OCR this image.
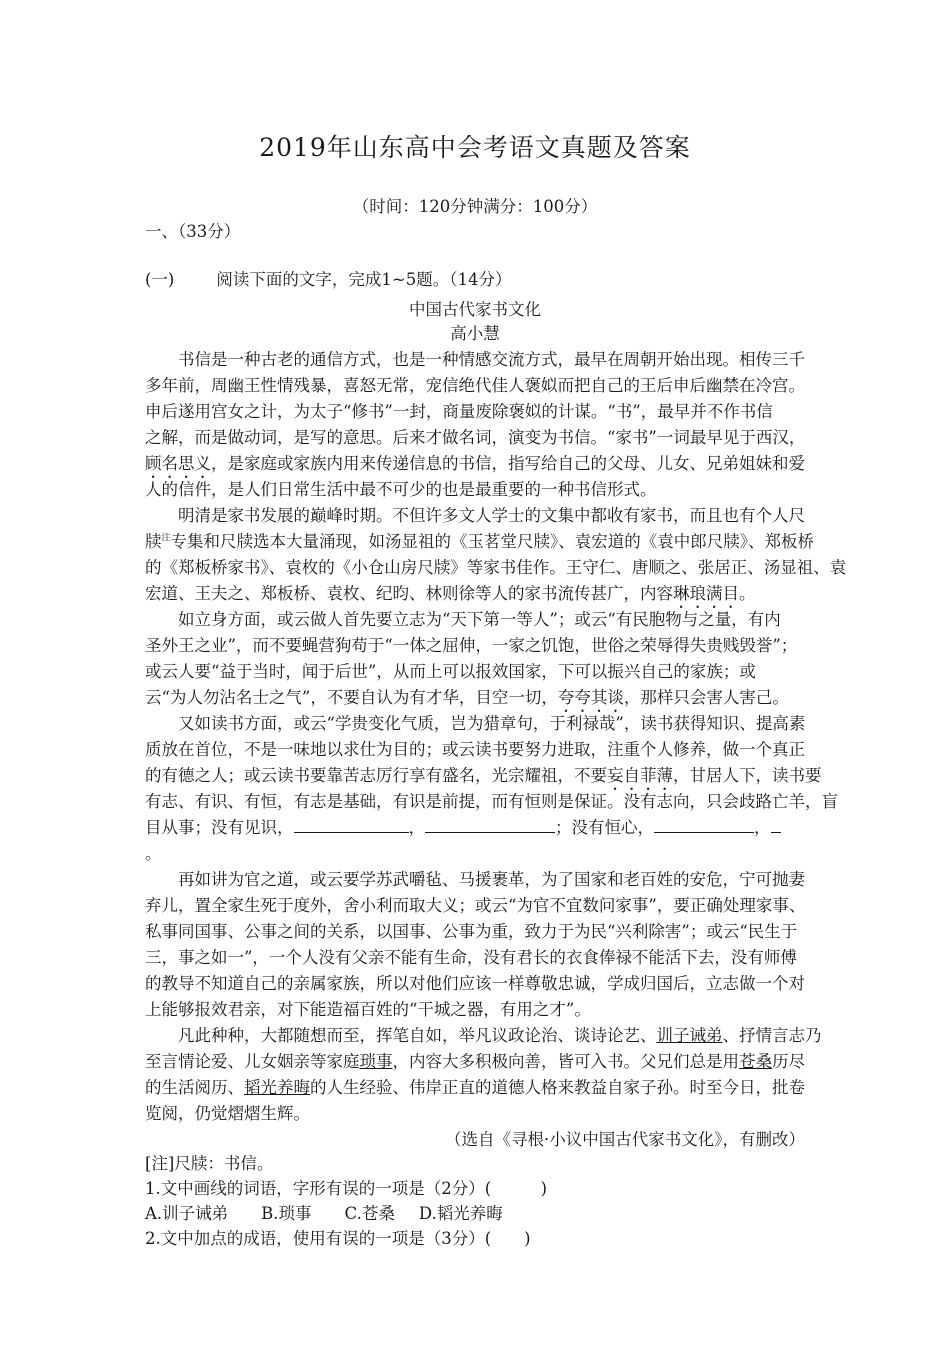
2019年山东高中会考语文真题及答案
（时间：120分钟满分：100分）
一、（33分）
(一)	阅读下面的文字，完成1~5题。（14分）
中国古代家书文化
高小慧
书信是一种古老的通信方式，也是一种情感交流方式，最早在周朝开始出现。相传三千
多年前，周幽王性情残暴，喜怒无常，宠信绝代佳人褒姒而把自己的王后申后幽禁在冷宫。
申后遂用宫女之计，为太子“修书”一封，商量废除褒姒的计谋。“书”，最早并不作书信
之解，而是做动词，是写的意思。后来才做名词，演变为书信。“家书”一词最早见于西汉，
顾名思义，是家庭或家族内用来传递信息的书信，指写给自己的父母、儿女、兄弟姐妹和爱
人的信件，是人们日常生活中最不可少的也是最重要的一种书信形式。
明清是家书发展的巅峰时期。不但许多文人学士的文集中都收有家书，而且也有个人尺
牍$^注$专集和尺牍选本大量涌现，如汤显祖的《玉茗堂尺牍》、袁宏道的《袁中郎尺牍》、郑板桥
的《郑板桥家书》、袁枚的《小仓山房尺牍》等家书佳作。王守仁、唐顺之、张居正、汤显祖、袁
宏道、王夫之、郑板桥、袁枚、纪昀、林则徐等人的家书流传甚广，内容琳琅满目。
如立身方面，或云做人首先要立志为“天下第一等人”；或云“有民胞物与之量，有内
圣外王之业”，而不要蝇营狗苟于“一体之屈伸，一家之饥饱，世俗之荣辱得失贵贱毁誉”；
或云人要“益于当时，闻于后世”，从而上可以报效国家，下可以振兴自己的家族；或
云“为人勿沾名士之气”，不要自认为有才华，目空一切，夸夸其谈，那样只会害人害己。
又如读书方面，或云“学贵变化气质，岂为猎章句，于利禄哉”，读书获得知识、提高素
质放在首位，不是一味地以求仕为目的；或云读书要努力进取，注重个人修养，做一个真正
的有德之人；或云读书要靠苦志厉行享有盛名，光宗耀祖，不要妄自菲薄，甘居人下，读书要
有志、有识、有恒，有志是基础，有识是前提，而有恒则是保证。没有志向，只会歧路亡羊，盲
目从事；没有见识，	，	；没有恒心，	，
。
再如讲为官之道，或云要学苏武嚼毡、马援裹革，为了国家和老百姓的安危，宁可抛妻
弃儿，置全家生死于度外，舍小利而取大义；或云“为官不宜数问家事”，要正确处理家事、
私事同国事、公事之间的关系，以国事、公事为重，致力于为民“兴利除害”；或云“民生于
三，事之如一”，一个人没有父亲不能有生命，没有君长的衣食俸禄不能活下去，没有师傅
的教导不知道自己的亲属家族，所以对他们应该一样尊敬忠诚，学成归国后，立志做一个对
上能够报效君亲，对下能造福百姓的“干城之器，有用之才”。
凡此种种，大都随想而至，挥笔自如，举凡议政论治、谈诗论艺、训子诫弟、抒情言志乃
至言情论爱、儿女姻亲等家庭琐事，内容大多积极向善，皆可入书。父兄们总是用苍桑历尽
的生活阅历、韬光养晦的人生经验、伟岸正直的道德人格来教益自家子孙。时至今日，批卷
览阅，仍觉熠熠生辉。
（选自《寻根·小议中国古代家书文化》，有删改）
[注]尺牍：书信。
1.文中画线的词语，字形有误的一项是（2分）(　　　)
A.训子诫弟 B.琐事 C.苍桑 D.韬光养晦
2.文中加点的成语，使用有误的一项是（3分）(　　)
